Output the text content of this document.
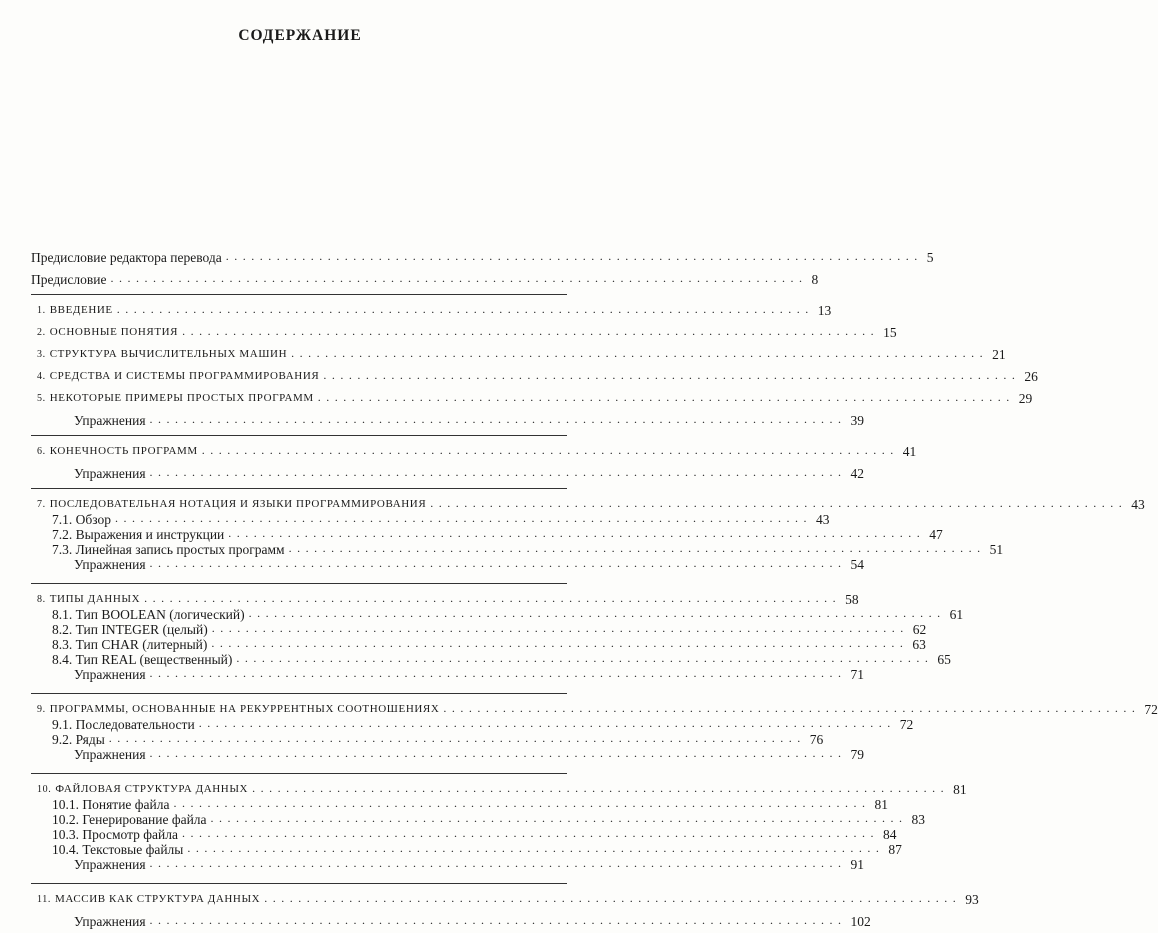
СОДЕРЖАНИЕ
Предисловие редактора перевода .................................................................................. 5
Предисловие .................................................................................. 8
1. ВВЕДЕНИЕ .................................................................................. 13
2. ОСНОВНЫЕ ПОНЯТИЯ .................................................................................. 15
3. СТРУКТУРА ВЫЧИСЛИТЕЛЬНЫХ МАШИН .................................................................................. 21
4. СРЕДСТВА И СИСТЕМЫ ПРОГРАММИРОВАНИЯ .................................................................................. 26
5. НЕКОТОРЫЕ ПРИМЕРЫ ПРОСТЫХ ПРОГРАММ .................................................................................. 29
Упражнения .................................................................................. 39
6. КОНЕЧНОСТЬ ПРОГРАММ .................................................................................. 41
Упражнения .................................................................................. 42
7. ПОСЛЕДОВАТЕЛЬНАЯ НОТАЦИЯ И ЯЗЫКИ ПРОГРАММИРОВАНИЯ .................................................................................. 43
7.1. Обзор .................................................................................. 43
7.2. Выражения и инструкции .................................................................................. 47
7.3. Линейная запись простых программ .................................................................................. 51
Упражнения .................................................................................. 54
8. ТИПЫ ДАННЫХ .................................................................................. 58
8.1. Тип BOOLEAN (логический) .................................................................................. 61
8.2. Тип INTEGER (целый) .................................................................................. 62
8.3. Тип CHAR (литерный) .................................................................................. 63
8.4. Тип REAL (вещественный) .................................................................................. 65
Упражнения .................................................................................. 71
9. ПРОГРАММЫ, ОСНОВАННЫЕ НА РЕКУРРЕНТНЫХ СООТНОШЕНИЯХ .................................................................................. 72
9.1. Последовательности .................................................................................. 72
9.2. Ряды .................................................................................. 76
Упражнения .................................................................................. 79
10. ФАЙЛОВАЯ СТРУКТУРА ДАННЫХ .................................................................................. 81
10.1. Понятие файла .................................................................................. 81
10.2. Генерирование файла .................................................................................. 83
10.3. Просмотр файла .................................................................................. 84
10.4. Текстовые файлы .................................................................................. 87
Упражнения .................................................................................. 91
11. МАССИВ КАК СТРУКТУРА ДАННЫХ .................................................................................. 93
Упражнения .................................................................................. 102
